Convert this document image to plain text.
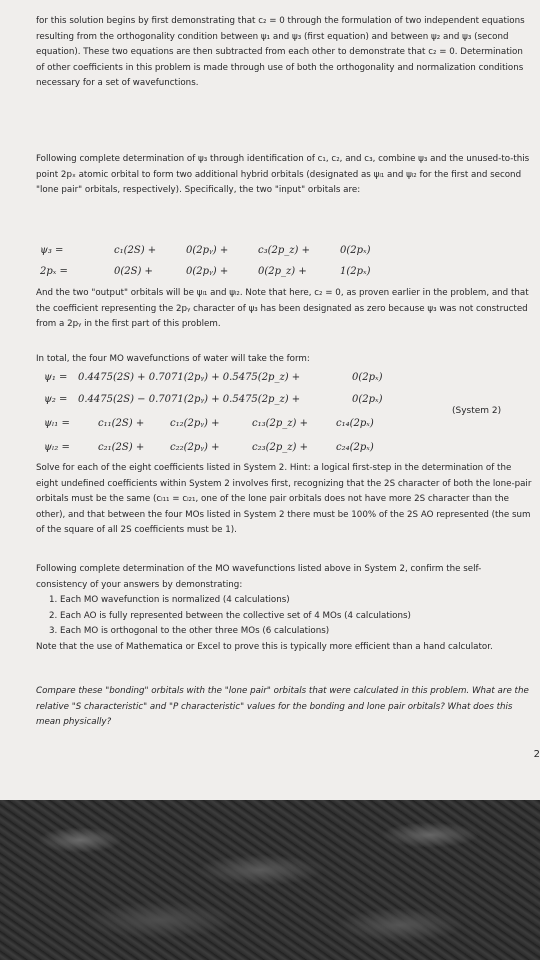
for this solution begins by first demonstrating that c₂ = 0 through the formulation of two independent equations resulting from the orthogonality condition between ψ₁ and ψ₃ (first equation) and between ψ₂ and ψ₃ (second equation). These two equations are then subtracted from each other to demonstrate that c₂ = 0. Determination of other coefficients in this problem is made through use of both the orthogonality and normalization conditions necessary for a set of wavefunctions.
Following complete determination of ψ₃ through identification of c₁, c₂, and c₃, combine ψ₃ and the unused-to-this point 2pₓ atomic orbital to form two additional hybrid orbitals (designated as ψₗ₁ and ψₗ₂ for the first and second "lone pair" orbitals, respectively). Specifically, the two "input" orbitals are:
ψ₃ =	c₁(2S) +	0(2pᵧ) +	c₃(2p_z) +	0(2pₓ)
2pₓ =	0(2S) +	0(2pᵧ) +	0(2p_z) +	1(2pₓ)
And the two "output" orbitals will be ψₗ₁ and ψₗ₂. Note that here, c₂ = 0, as proven earlier in the problem, and that the coefficient representing the 2pᵧ character of ψ₃ has been designated as zero because ψ₃ was not constructed from a 2pᵧ in the first part of this problem.
In total, the four MO wavefunctions of water will take the form:
ψ₁ = 0.4475(2S) + 0.7071(2pᵧ) + 0.5475(2p_z) +	0(2pₓ)
ψ₂ = 0.4475(2S) − 0.7071(2pᵧ) + 0.5475(2p_z) +	0(2pₓ)
ψₗ₁ =	c₁₁(2S) +	c₁₂(2pᵧ) +	c₁₃(2p_z) +	c₁₄(2pₓ)
ψₗ₂ =	c₂₁(2S) +	c₂₂(2pᵧ) +	c₂₃(2p_z) +	c₂₄(2pₓ)
(System 2)
Solve for each of the eight coefficients listed in System 2. Hint: a logical first-step in the determination of the eight undefined coefficients within System 2 involves first, recognizing that the 2S character of both the lone-pair orbitals must be the same (cₗ₁₁ = cₗ₂₁, one of the lone pair orbitals does not have more 2S character than the other), and that between the four MOs listed in System 2 there must be 100% of the 2S AO represented (the sum of the square of all 2S coefficients must be 1).
Following complete determination of the MO wavefunctions listed above in System 2, confirm the self-consistency of your answers by demonstrating:
1. Each MO wavefunction is normalized (4 calculations)
2. Each AO is fully represented between the collective set of 4 MOs (4 calculations)
3. Each MO is orthogonal to the other three MOs (6 calculations)
Note that the use of Mathematica or Excel to prove this is typically more efficient than a hand calculator.
Compare these "bonding" orbitals with the "lone pair" orbitals that were calculated in this problem. What are the relative "S characteristic" and "P characteristic" values for the bonding and lone pair orbitals? What does this mean physically?
2
